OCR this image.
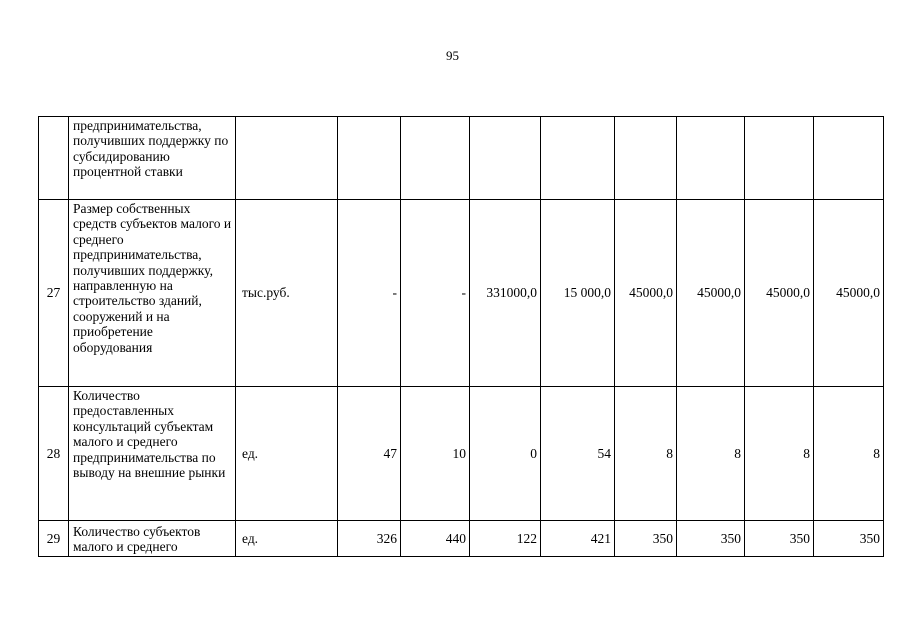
95
	предпринимательства, получивших поддержку по субсидированию процентной ставки									
27	Размер собственных средств субъектов малого и среднего предпринимательства, получивших поддержку, направленную на строительство зданий, сооружений и на приобретение оборудования	тыс.руб.	-	-	331000,0	15 000,0	45000,0	45000,0	45000,0	45000,0
28	Количество предоставленных консультаций субъектам малого и среднего предпринимательства по выводу на внешние рынки	ед.	47	10	0	54	8	8	8	8
29	Количество субъектов малого и среднего	ед.	326	440	122	421	350	350	350	350
